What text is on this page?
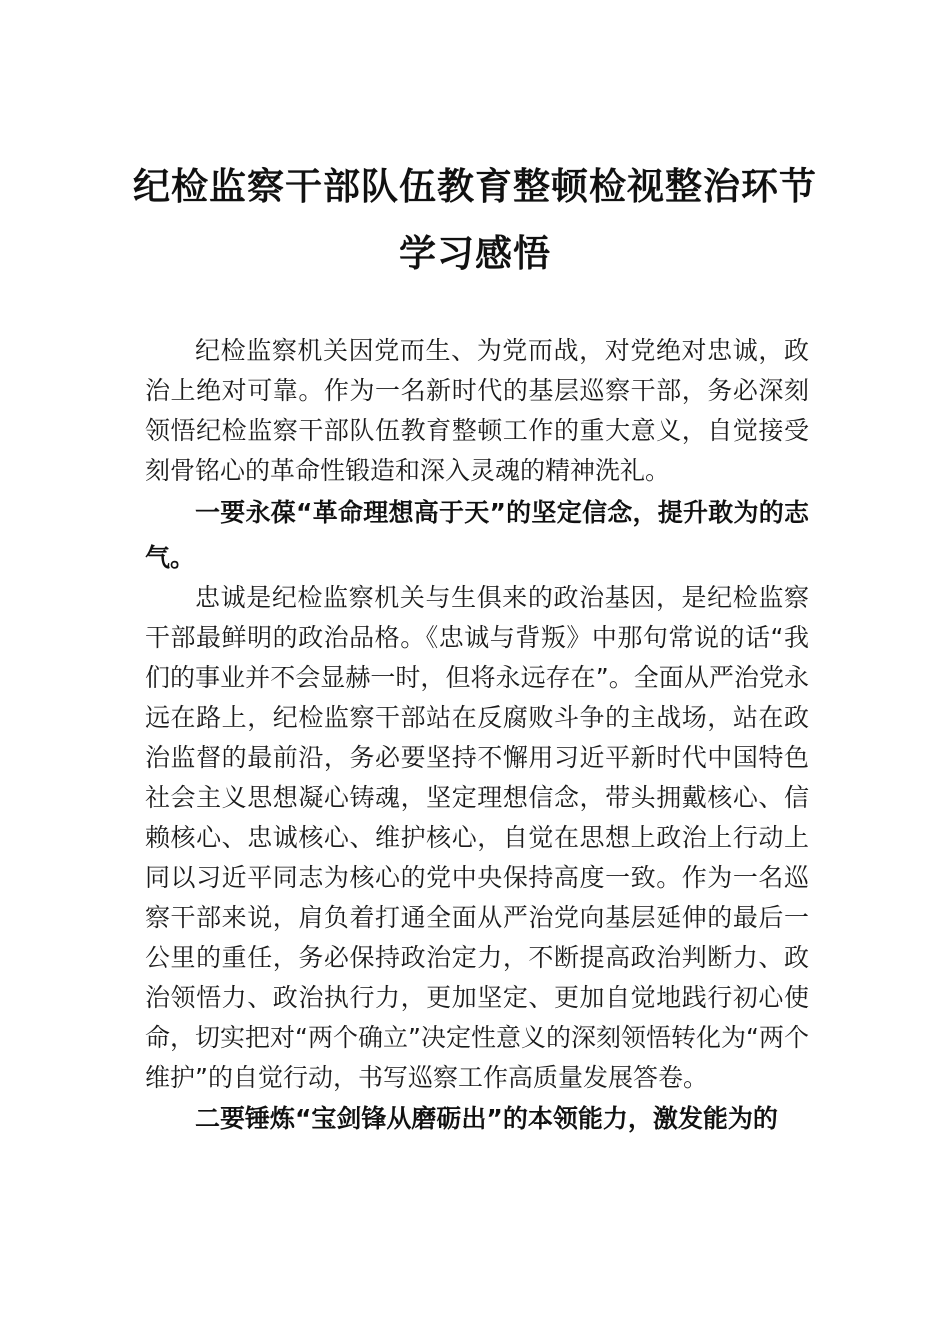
纪检监察干部队伍教育整顿检视整治环节
学习感悟

纪检监察机关因党而生、为党而战，对党绝对忠诚，政治上绝对可靠。作为一名新时代的基层巡察干部，务必深刻领悟纪检监察干部队伍教育整顿工作的重大意义，自觉接受刻骨铭心的革命性锻造和深入灵魂的精神洗礼。

一要永葆“革命理想高于天”的坚定信念，提升敢为的志气。

忠诚是纪检监察机关与生俱来的政治基因，是纪检监察干部最鲜明的政治品格。《忠诚与背叛》中那句常说的话“我们的事业并不会显赫一时，但将永远存在”。全面从严治党永远在路上，纪检监察干部站在反腐败斗争的主战场，站在政治监督的最前沿，务必要坚持不懈用习近平新时代中国特色社会主义思想凝心铸魂，坚定理想信念，带头拥戴核心、信赖核心、忠诚核心、维护核心，自觉在思想上政治上行动上同以习近平同志为核心的党中央保持高度一致。作为一名巡察干部来说，肩负着打通全面从严治党向基层延伸的最后一公里的重任，务必保持政治定力，不断提高政治判断力、政治领悟力、政治执行力，更加坚定、更加自觉地践行初心使命，切实把对“两个确立”决定性意义的深刻领悟转化为“两个维护”的自觉行动，书写巡察工作高质量发展答卷。

二要锤炼“宝剑锋从磨砺出”的本领能力，激发能为的
